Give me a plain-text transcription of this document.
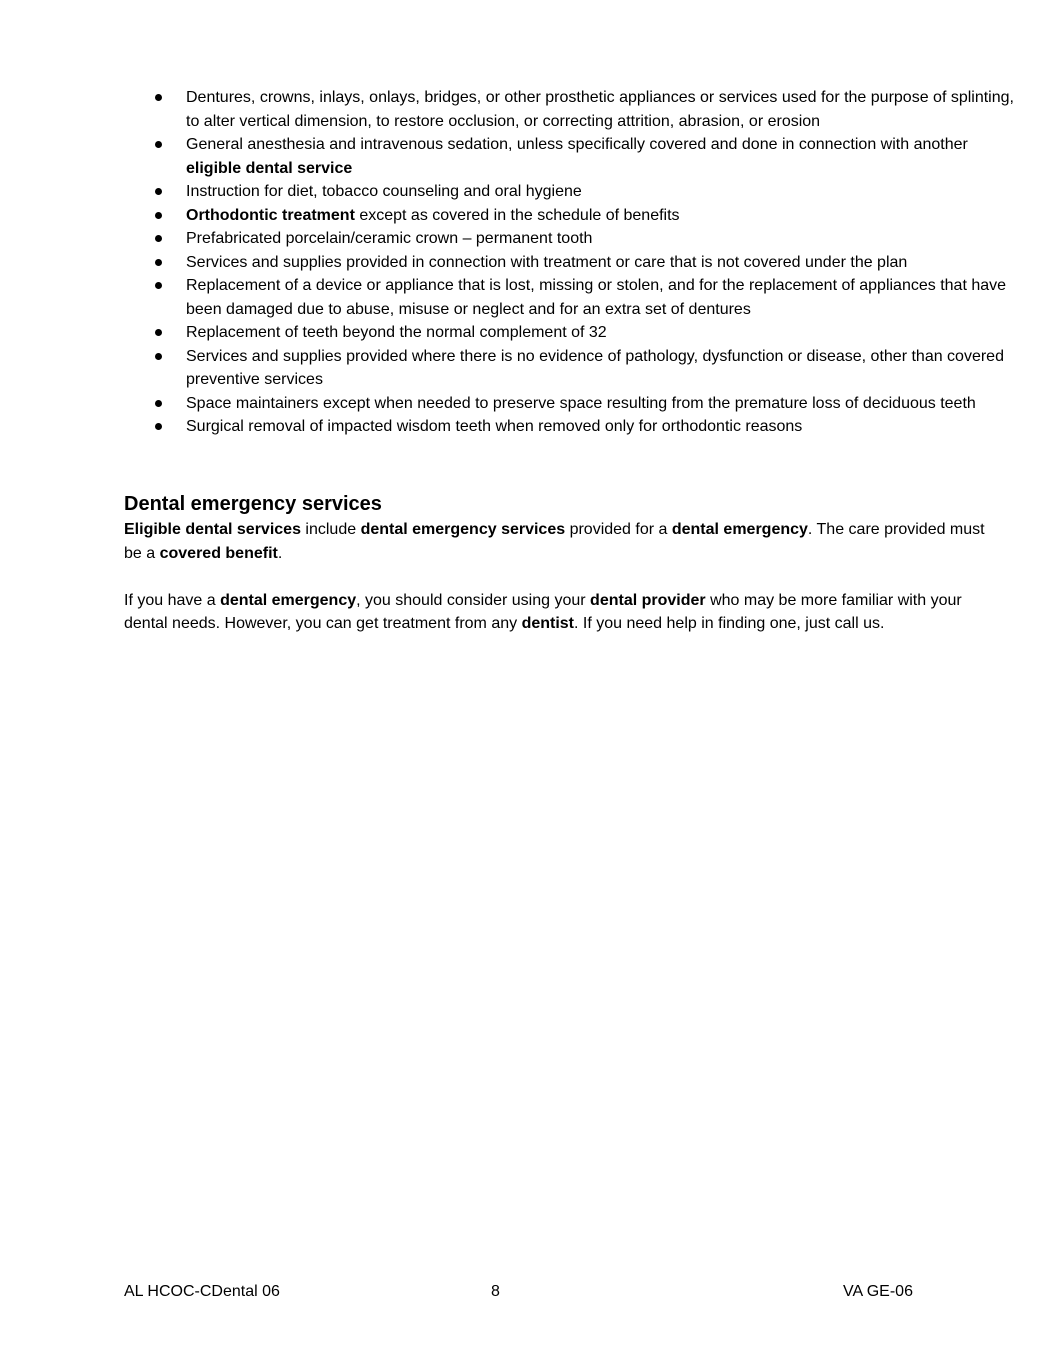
Dentures, crowns, inlays, onlays, bridges, or other prosthetic appliances or services used for the purpose of splinting, to alter vertical dimension, to restore occlusion, or correcting attrition, abrasion, or erosion
General anesthesia and intravenous sedation, unless specifically covered and done in connection with another eligible dental service
Instruction for diet, tobacco counseling and oral hygiene
Orthodontic treatment except as covered in the schedule of benefits
Prefabricated porcelain/ceramic crown – permanent tooth
Services and supplies provided in connection with treatment or care that is not covered under the plan
Replacement of a device or appliance that is lost, missing or stolen, and for the replacement of appliances that have been damaged due to abuse, misuse or neglect and for an extra set of dentures
Replacement of teeth beyond the normal complement of 32
Services and supplies provided where there is no evidence of pathology, dysfunction or disease, other than covered preventive services
Space maintainers except when needed to preserve space resulting from the premature loss of deciduous teeth
Surgical removal of impacted wisdom teeth when removed only for orthodontic reasons
Dental emergency services

Eligible dental services include dental emergency services provided for a dental emergency. The care provided must be a covered benefit.

If you have a dental emergency, you should consider using your dental provider who may be more familiar with your dental needs. However, you can get treatment from any dentist. If you need help in finding one, just call us.

AL HCOC-CDental 06	8	VA GE-06
